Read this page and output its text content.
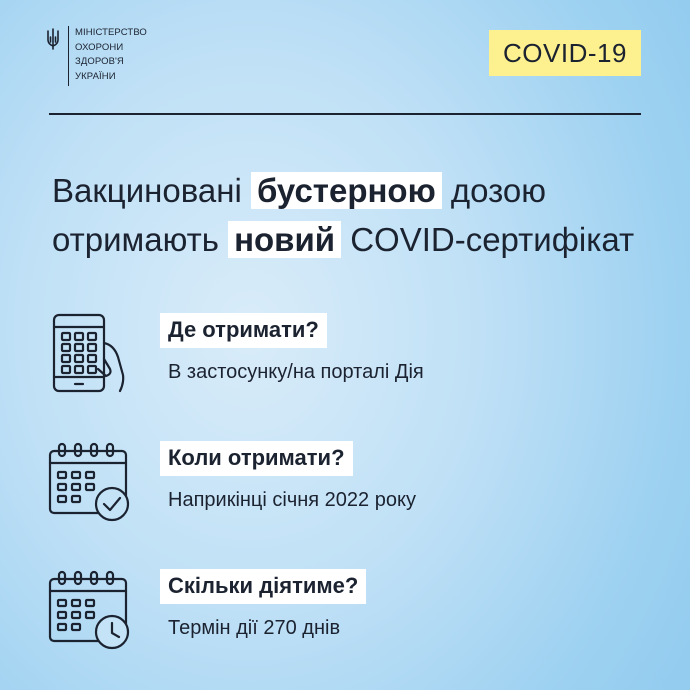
МІНІСТЕРСТВО
ОХОРОНИ
ЗДОРОВ'Я
УКРАЇНИ
COVID-19
Вакциновані бустерною дозою
отримають новий COVID-сертифікат
Де отримати?
В застосунку/на порталі Дія
Коли отримати?
Наприкінці січня 2022 року
Скільки діятиме?
Термін дії 270 днів
